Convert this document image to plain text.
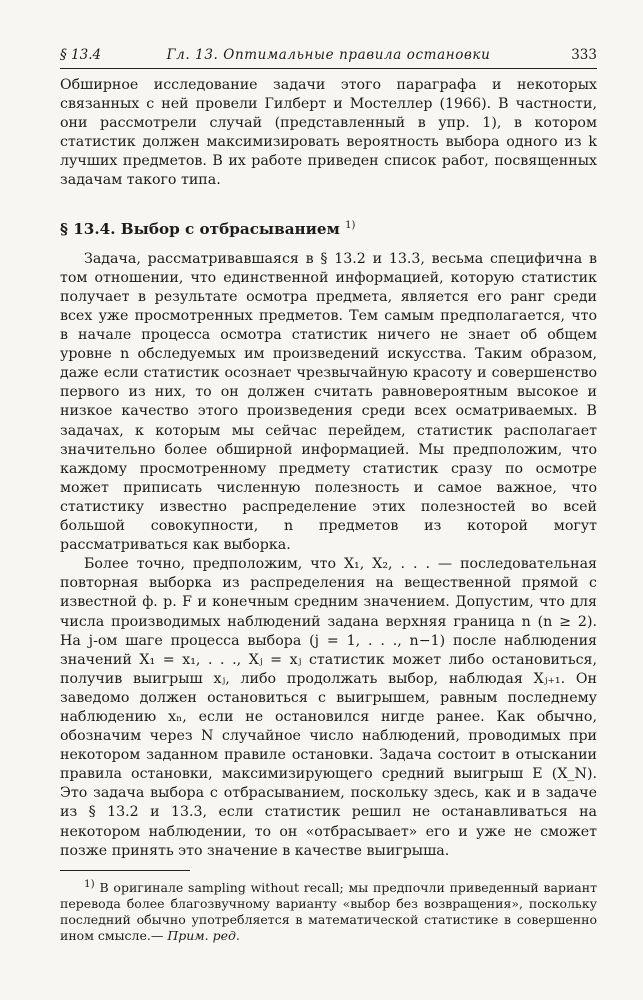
§ 13.4	Гл. 13. Оптимальные правила остановки	333

Обширное исследование задачи этого параграфа и некоторых связанных с ней провели Гилберт и Мостеллер (1966). В частности, они рассмотрели случай (представленный в упр. 1), в котором статистик должен максимизировать вероятность выбора одного из k лучших предметов. В их работе приведен список работ, посвященных задачам такого типа.

§ 13.4. Выбор с отбрасыванием $^{1)}$

Задача, рассматривавшаяся в § 13.2 и 13.3, весьма специфична в том отношении, что единственной информацией, которую статистик получает в результате осмотра предмета, является его ранг среди всех уже просмотренных предметов. Тем самым предполагается, что в начале процесса осмотра статистик ничего не знает об общем уровне n обследуемых им произведений искусства. Таким образом, даже если статистик осознает чрезвычайную красоту и совершенство первого из них, то он должен считать равновероятным высокое и низкое качество этого произведения среди всех осматриваемых. В задачах, к которым мы сейчас перейдем, статистик располагает значительно более обширной информацией. Мы предположим, что каждому просмотренному предмету статистик сразу по осмотре может приписать численную полезность и самое важное, что статистику известно распределение этих полезностей во всей большой совокупности, n предметов из которой могут рассматриваться как выборка.

Более точно, предположим, что X₁, X₂, . . . — последовательная повторная выборка из распределения на вещественной прямой с известной ф. р. F и конечным средним значением. Допустим, что для числа производимых наблюдений задана верхняя граница n (n ≥ 2). На j-ом шаге процесса выбора (j = 1, . . ., n−1) после наблюдения значений X₁ = x₁, . . ., Xⱼ = xⱼ статистик может либо остановиться, получив выигрыш xⱼ, либо продолжать выбор, наблюдая Xⱼ₊₁. Он заведомо должен остановиться с выигрышем, равным последнему наблюдению xₙ, если не остановился нигде ранее. Как обычно, обозначим через N случайное число наблюдений, проводимых при некотором заданном правиле остановки. Задача состоит в отыскании правила остановки, максимизирующего средний выигрыш E (X_N). Это задача выбора с отбрасыванием, поскольку здесь, как и в задаче из § 13.2 и 13.3, если статистик решил не останавливаться на некотором наблюдении, то он «отбрасывает» его и уже не сможет позже принять это значение в качестве выигрыша.

$^{1)}$ В оригинале sampling without recall; мы предпочли приведенный вариант перевода более благозвучному варианту «выбор без возвращения», поскольку последний обычно употребляется в математической статистике в совершенно ином смысле.— Прим. ред.
